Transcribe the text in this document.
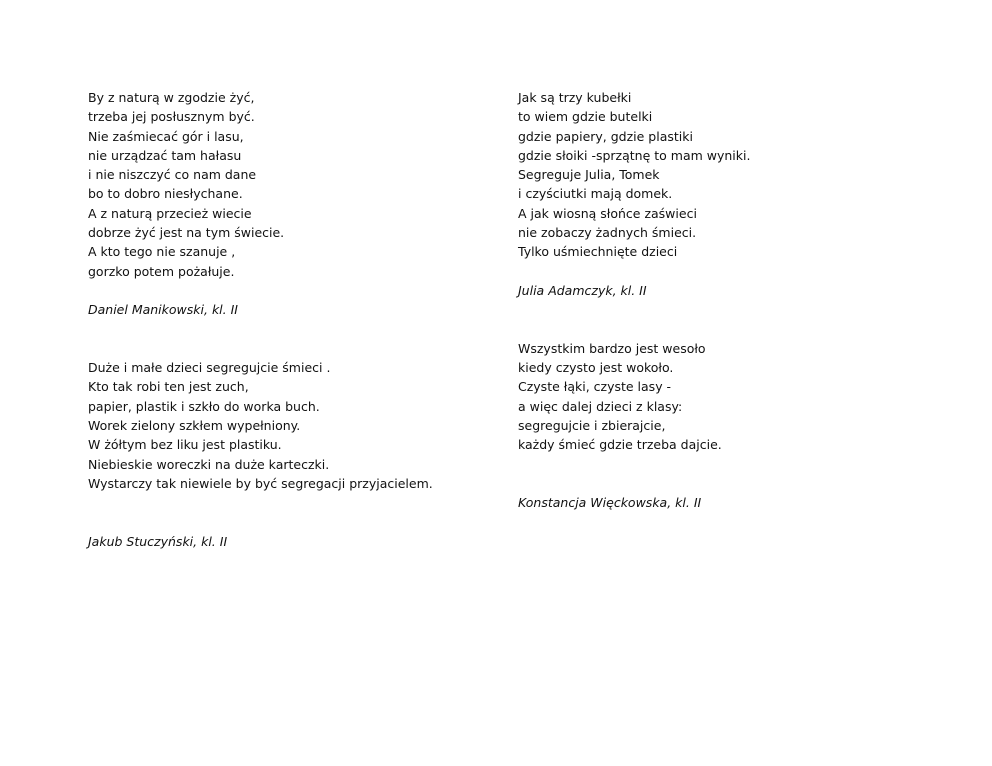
By z naturą w zgodzie żyć,
trzeba jej posłusznym być.
Nie zaśmiecać gór i lasu,
nie urządzać tam hałasu
i nie niszczyć co nam dane
bo to dobro niesłychane.
A z naturą przecież wiecie
dobrze żyć jest na tym świecie.
A kto tego nie szanuje ,
gorzko potem pożałuje.
Daniel Manikowski, kl. II
Duże i małe dzieci segregujcie śmieci .
Kto tak robi ten jest zuch,
papier, plastik i szkło do worka buch.
Worek zielony szkłem wypełniony.
W żółtym bez liku jest plastiku.
Niebieskie woreczki na duże karteczki.
Wystarczy tak niewiele by być segregacji przyjacielem.
Jakub Stuczyński, kl. II
Jak są trzy kubełki
to wiem gdzie butelki
gdzie papiery, gdzie plastiki
gdzie słoiki -sprzątnę to mam wyniki.
Segreguje Julia, Tomek
i czyściutki mają domek.
A jak wiosną słońce zaświeci
nie zobaczy żadnych śmieci.
Tylko uśmiechnięte dzieci
Julia Adamczyk, kl. II
Wszystkim bardzo jest wesoło
kiedy czysto jest wokoło.
Czyste łąki, czyste lasy -
a więc dalej dzieci z klasy:
segregujcie i zbierajcie,
każdy śmieć gdzie trzeba dajcie.
Konstancja Więckowska, kl. II
